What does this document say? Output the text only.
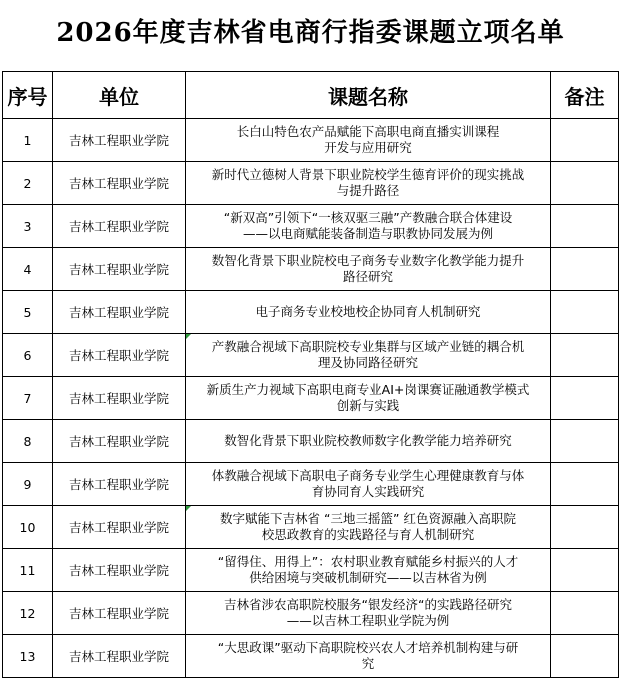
2026年度吉林省电商行指委课题立项名单
序号	单位	课题名称	备注
1	吉林工程职业学院	长白山特色农产品赋能下高职电商直播实训课程
开发与应用研究	

2	吉林工程职业学院	新时代立德树人背景下职业院校学生德育评价的现实挑战
与提升路径	

3	吉林工程职业学院	“新双高”引领下“一核双驱三融”产教融合联合体建设
——以电商赋能装备制造与职教协同发展为例	

4	吉林工程职业学院	数智化背景下职业院校电子商务专业数字化教学能力提升
路径研究	

5	吉林工程职业学院	电子商务专业校地校企协同育人机制研究	

6	吉林工程职业学院	产教融合视域下高职院校专业集群与区域产业链的耦合机
理及协同路径研究	

7	吉林工程职业学院	新质生产力视域下高职电商专业AI+岗课赛证融通教学模式
创新与实践	

8	吉林工程职业学院	数智化背景下职业院校教师数字化教学能力培养研究	

9	吉林工程职业学院	体教融合视域下高职电子商务专业学生心理健康教育与体
育协同育人实践研究	

10	吉林工程职业学院	数字赋能下吉林省 “三地三摇篮” 红色资源融入高职院
校思政教育的实践路径与育人机制研究	

11	吉林工程职业学院	“留得住、用得上”：农村职业教育赋能乡村振兴的人才
供给困境与突破机制研究——以吉林省为例	

12	吉林工程职业学院	吉林省涉农高职院校服务“银发经济“的实践路径研究
——以吉林工程职业学院为例	

13	吉林工程职业学院	“大思政课”驱动下高职院校兴农人才培养机制构建与研
究	
